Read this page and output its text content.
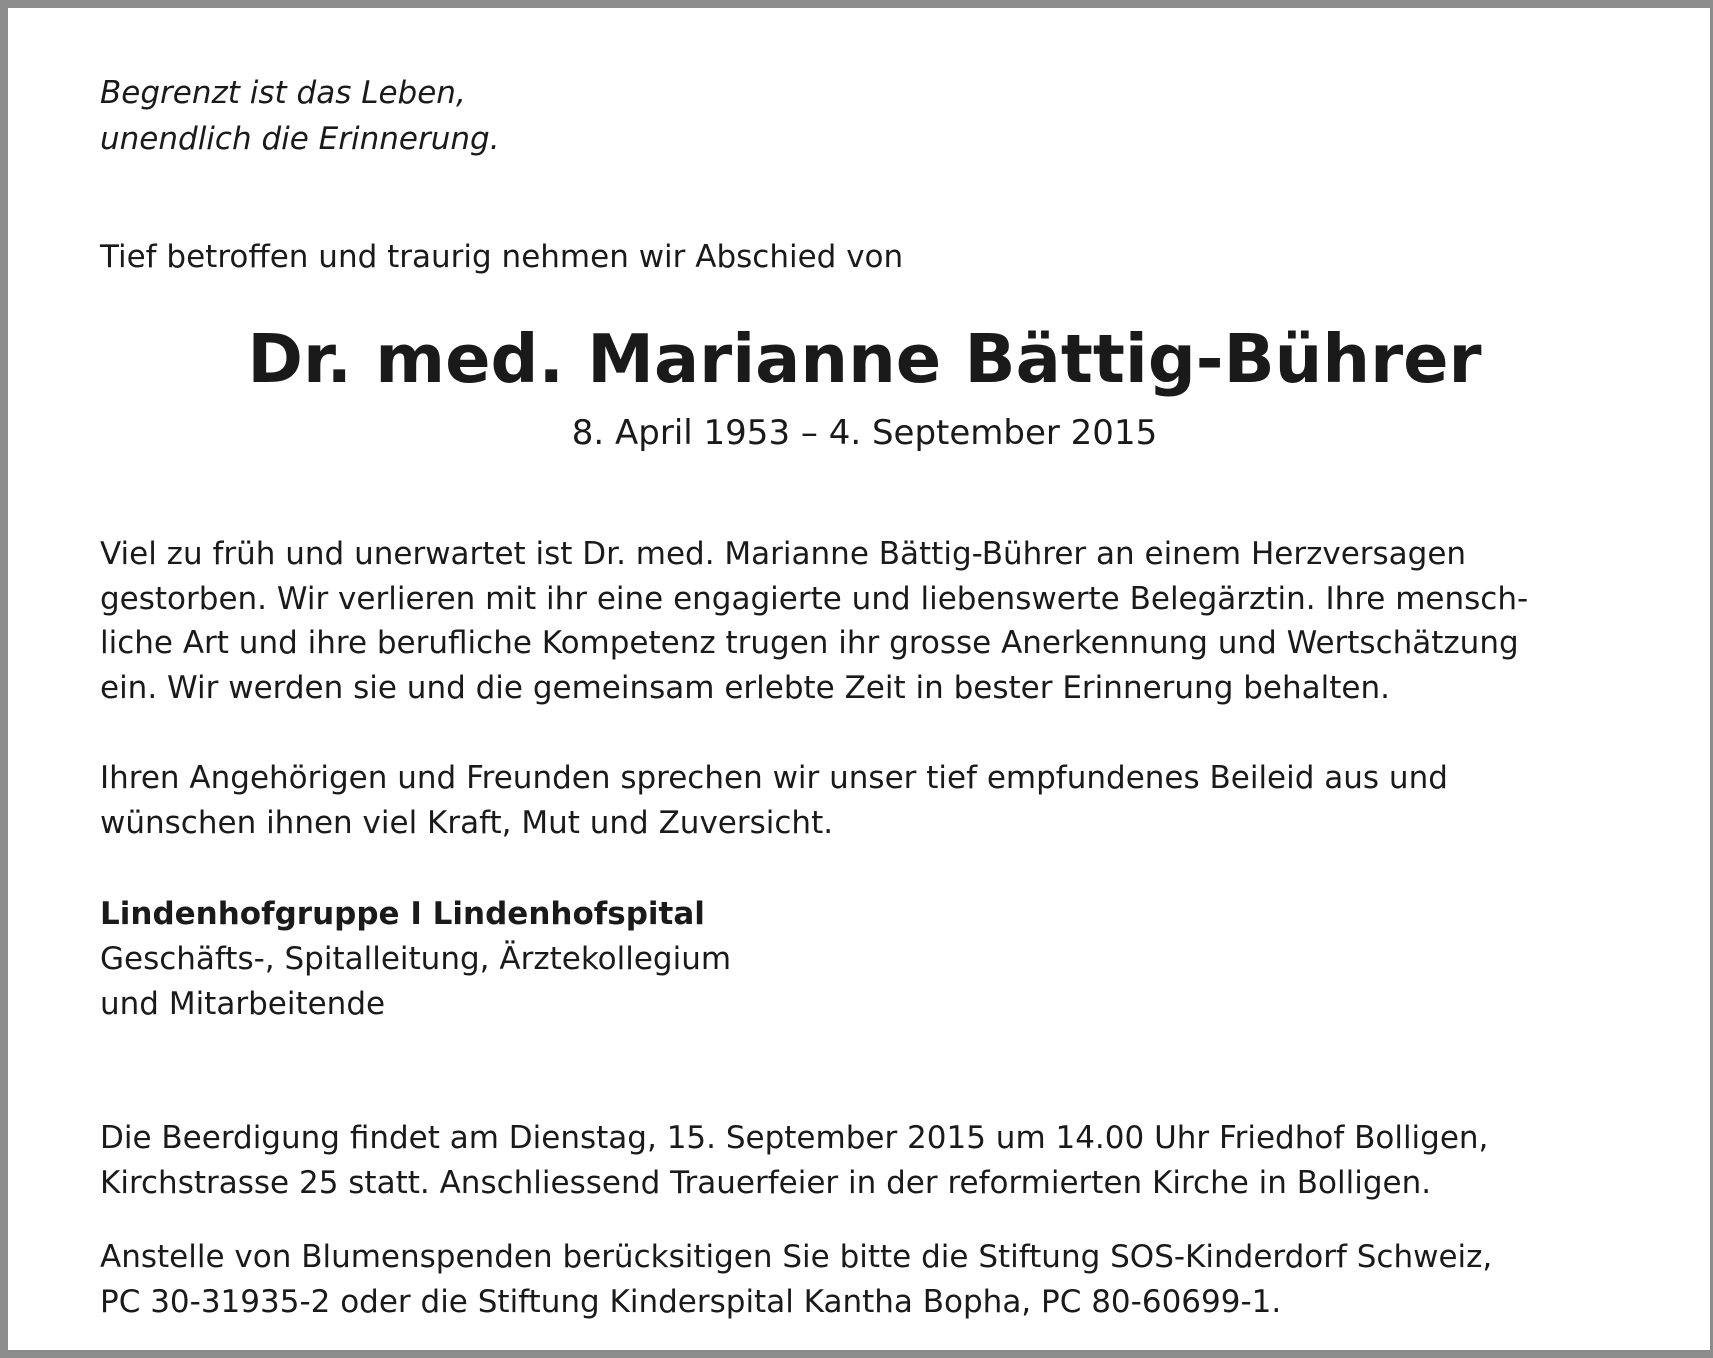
Begrenzt ist das Leben,
unendlich die Erinnerung.
Tief betroffen und traurig nehmen wir Abschied von
Dr. med. Marianne Bättig-Bührer
8. April 1953 – 4. September 2015
Viel zu früh und unerwartet ist Dr. med. Marianne Bättig-Bührer an einem Herzversagen
gestorben. Wir verlieren mit ihr eine engagierte und liebenswerte Belegärztin. Ihre mensch-
liche Art und ihre berufliche Kompetenz trugen ihr grosse Anerkennung und Wertschätzung
ein. Wir werden sie und die gemeinsam erlebte Zeit in bester Erinnerung behalten.
Ihren Angehörigen und Freunden sprechen wir unser tief empfundenes Beileid aus und
wünschen ihnen viel Kraft, Mut und Zuversicht.
Lindenhofgruppe I Lindenhofspital
Geschäfts-, Spitalleitung, Ärztekollegium
und Mitarbeitende
Die Beerdigung findet am Dienstag, 15. September 2015 um 14.00 Uhr Friedhof Bolligen,
Kirchstrasse 25 statt. Anschliessend Trauerfeier in der reformierten Kirche in Bolligen.
Anstelle von Blumenspenden berücksitigen Sie bitte die Stiftung SOS-Kinderdorf Schweiz,
PC 30-31935-2 oder die Stiftung Kinderspital Kantha Bopha, PC 80-60699-1.
